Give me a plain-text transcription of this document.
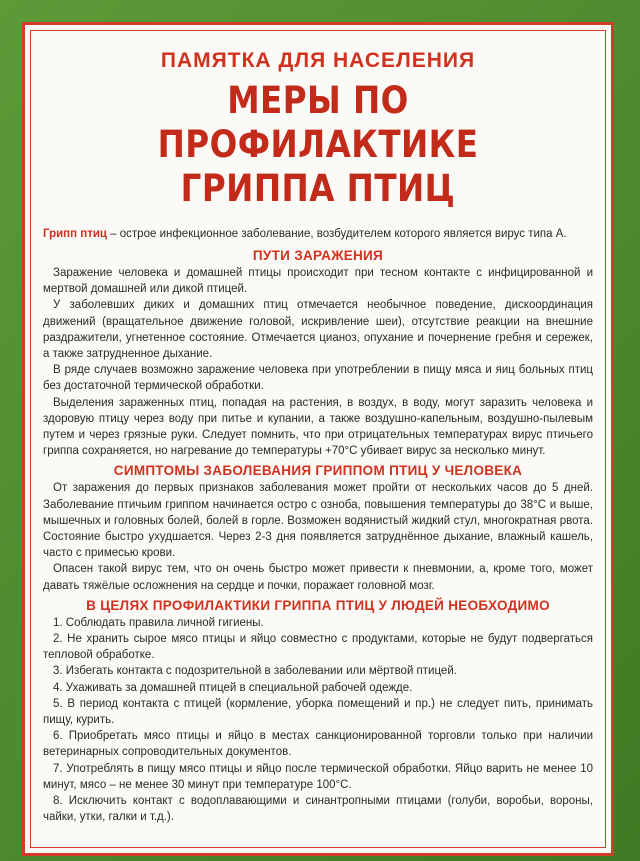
ПАМЯТКА ДЛЯ НАСЕЛЕНИЯ
МЕРЫ ПО ПРОФИЛАКТИКЕ
ГРИППА ПТИЦ

Грипп птиц – острое инфекционное заболевание, возбудителем которого является вирус типа А.

ПУТИ ЗАРАЖЕНИЯ

Заражение человека и домашней птицы происходит при тесном контакте с инфицированной и мертвой домашней или дикой птицей.

У заболевших диких и домашних птиц отмечается необычное поведение, дискоординация движений (вращательное движение головой, искривление шеи), отсутствие реакции на внешние раздражители, угнетенное состояние. Отмечается цианоз, опухание и почернение гребня и сережек, а также затрудненное дыхание.

В ряде случаев возможно заражение человека при употреблении в пищу мяса и яиц больных птиц без достаточной термической обработки.

Выделения зараженных птиц, попадая на растения, в воздух, в воду, могут заразить человека и здоровую птицу через воду при питье и купании, а также воздушно-капельным, воздушно-пылевым путем и через грязные руки. Следует помнить, что при отрицательных температурах вирус птичьего гриппа сохраняется, но нагревание до температуры +70°С убивает вирус за несколько минут.

СИМПТОМЫ ЗАБОЛЕВАНИЯ ГРИППОМ ПТИЦ У ЧЕЛОВЕКА

От заражения до первых признаков заболевания может пройти от нескольких часов до 5 дней. Заболевание птичьим гриппом начинается остро с озноба, повышения температуры до 38°С и выше, мышечных и головных болей, болей в горле. Возможен водянистый жидкий стул, многократная рвота. Состояние быстро ухудшается. Через 2-3 дня появляется затруднённое дыхание, влажный кашель, часто с примесью крови.

Опасен такой вирус тем, что он очень быстро может привести к пневмонии, а, кроме того, может давать тяжёлые осложнения на сердце и почки, поражает головной мозг.

В ЦЕЛЯХ ПРОФИЛАКТИКИ ГРИППА ПТИЦ У ЛЮДЕЙ НЕОБХОДИМО
1. Соблюдать правила личной гигиены.
2. Не хранить сырое мясо птицы и яйцо совместно с продуктами, которые не будут подвергаться тепловой обработке.
3. Избегать контакта с подозрительной в заболевании или мёртвой птицей.
4. Ухаживать за домашней птицей в специальной рабочей одежде.
5. В период контакта с птицей (кормление, уборка помещений и пр.) не следует пить, принимать пищу, курить.
6. Приобретать мясо птицы и яйцо в местах санкционированной торговли только при наличии ветеринарных сопроводительных документов.
7. Употреблять в пищу мясо птицы и яйцо после термической обработки. Яйцо варить не менее 10 минут, мясо – не менее 30 минут при температуре 100°С.
8. Исключить контакт с водоплавающими и синантропными птицами (голуби, воробьи, вороны, чайки, утки, галки и т.д.).
